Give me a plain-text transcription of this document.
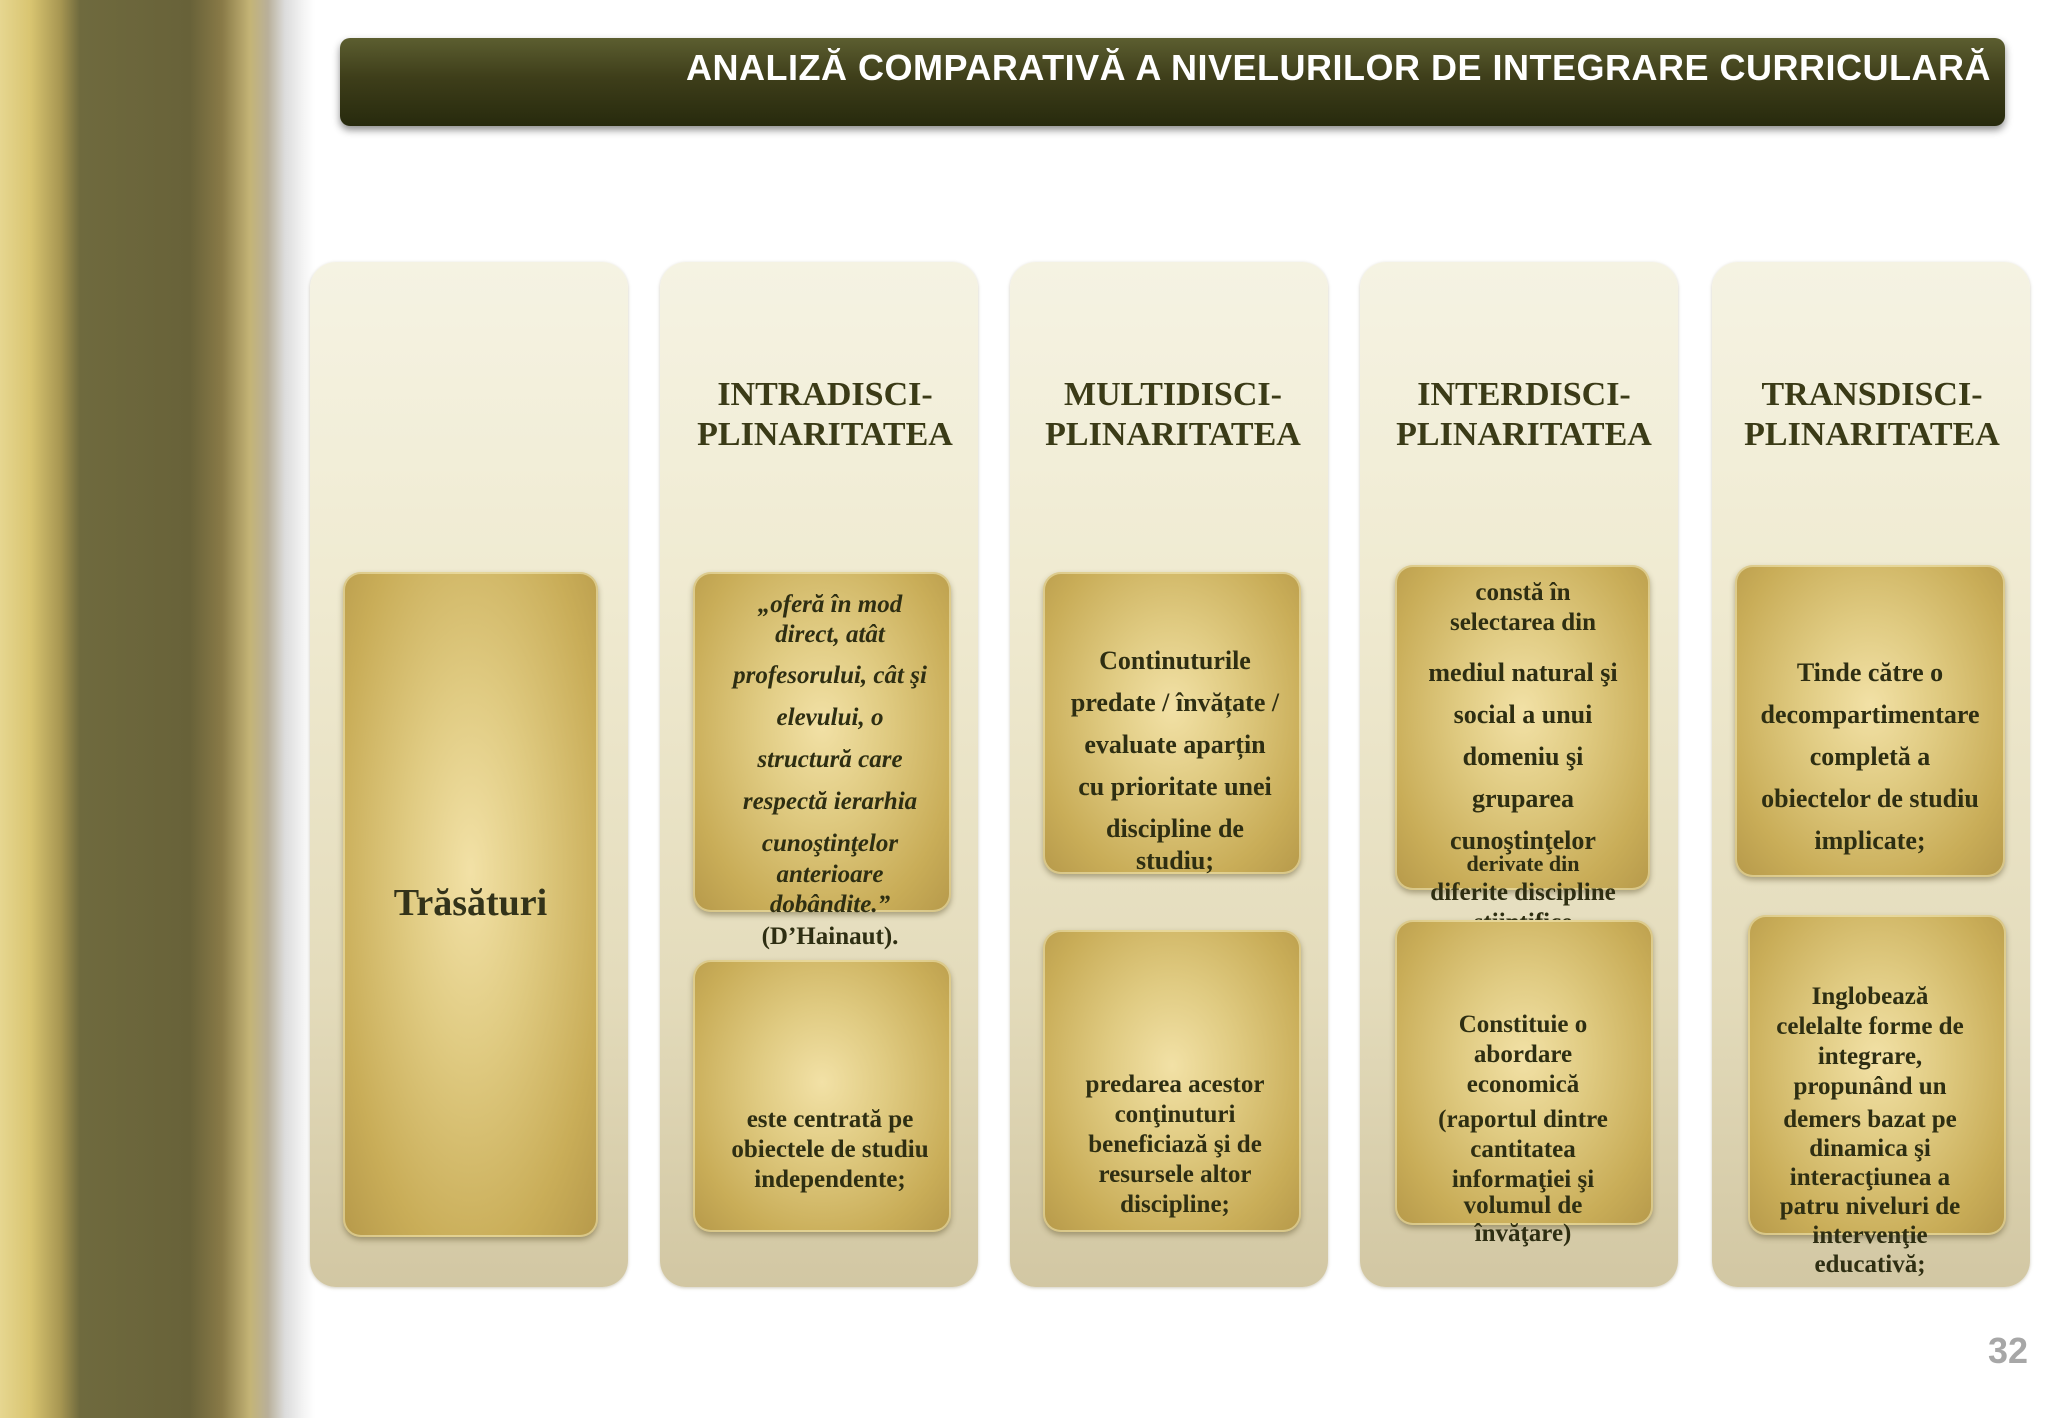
ANALIZĂ COMPARATIVĂ A NIVELURILOR DE INTEGRARE CURRICULARĂ
Trăsături
INTRADISCI-
PLINARITATEA
„oferă în mod
direct, atât
profesorului, cât şi
elevului, o
structură care
respectă ierarhia
cunoştinţelor
anterioare
dobândite.”
(D’Hainaut).
este centrată pe
obiectele de studiu
independente;
MULTIDISCI-
PLINARITATEA
Continuturile
predate / învățate /
evaluate aparțin
cu prioritate unei
discipline de
studiu;
predarea acestor
conţinuturi
beneficiază şi de
resursele altor
discipline;
INTERDISCI-
PLINARITATEA
constă în
selectarea din
mediul natural şi
social a unui
domeniu şi
gruparea
cunoştinţelor
derivate din
diferite discipline
Constituie o
abordare
economică
(raportul dintre
cantitatea
informaţiei şi
volumul de
învăţare)
TRANSDISCI-
PLINARITATEA
Tinde către o
decompartimentare
completă a
obiectelor de studiu
implicate;
Inglobează
celelalte forme de
integrare,
propunând un
demers bazat pe
dinamica şi
interacţiunea a
patru niveluri de
intervenţie
educativă;
32
